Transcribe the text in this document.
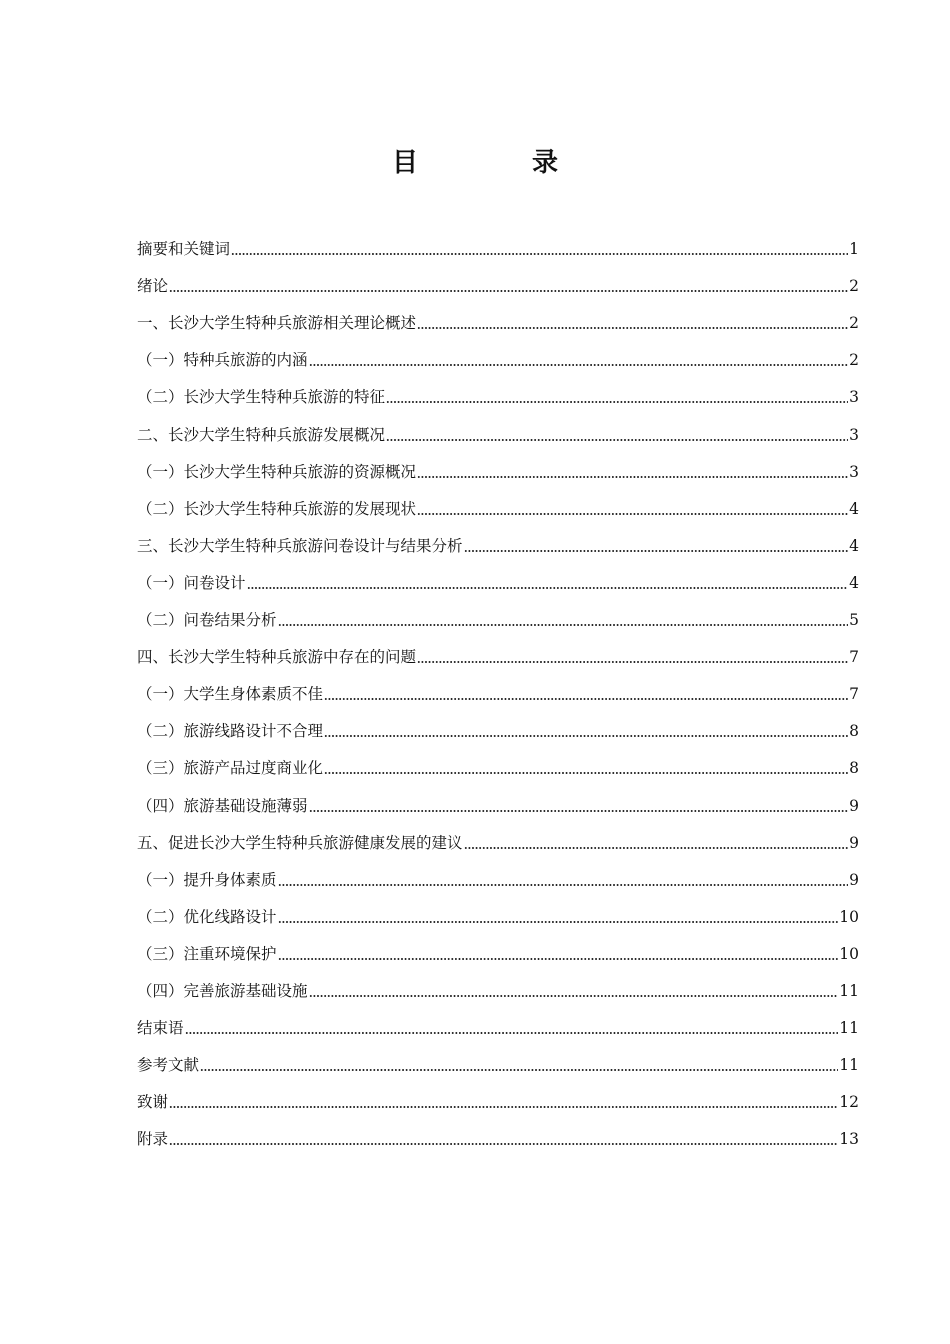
目　录
摘要和关键词	1
绪论	2
一、长沙大学生特种兵旅游相关理论概述	2
（一）特种兵旅游的内涵	2
（二）长沙大学生特种兵旅游的特征	3
二、长沙大学生特种兵旅游发展概况	3
（一）长沙大学生特种兵旅游的资源概况	3
（二）长沙大学生特种兵旅游的发展现状	4
三、长沙大学生特种兵旅游问卷设计与结果分析	4
（一）问卷设计	4
（二）问卷结果分析	5
四、长沙大学生特种兵旅游中存在的问题	7
（一）大学生身体素质不佳	7
（二）旅游线路设计不合理	8
（三）旅游产品过度商业化	8
（四）旅游基础设施薄弱	9
五、促进长沙大学生特种兵旅游健康发展的建议	9
（一）提升身体素质	9
（二）优化线路设计	10
（三）注重环境保护	10
（四）完善旅游基础设施	11
结束语	11
参考文献	11
致谢	12
附录	13
